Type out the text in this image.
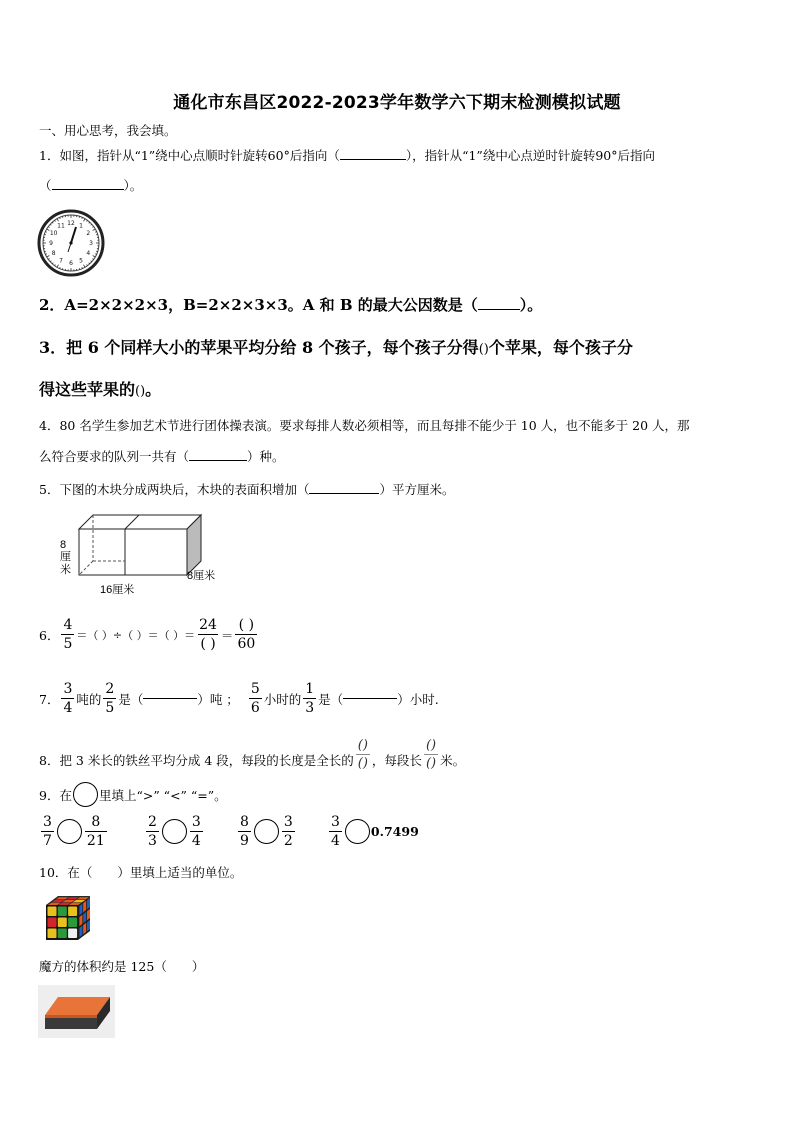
通化市东昌区2022-2023学年数学六下期末检测模拟试题
一、用心思考，我会填。
1．如图，指针从“1”绕中心点顺时针旋转60°后指向（	），指针从“1”绕中心点逆时针旋转90°后指向
（	）。
12 1
2
3
4
5
6
7
8
9
10
11
2．A=2×2×2×3，B=2×2×3×3。A 和 B 的最大公因数是（	）。
3．把 6 个同样大小的苹果平均分给 8 个孩子，每个孩子分得()个苹果，每个孩子分
得这些苹果的()。
4．80 名学生参加艺术节进行团体操表演。要求每排人数必须相等，而且每排不能少于 10 人，也不能多于 20 人，那
么符合要求的队列一共有（	）种。
5．下图的木块分成两块后，木块的表面积增加（	）平方厘米。
8
厘
米	8厘米
16厘米
6． $\frac{4}{5}$ ＝（ ）÷（ ）＝（ ）＝ $\frac{24}{( )} = \frac{( )}{60}$
7． $\frac{3}{4}$ 吨的 $\frac{2}{5}$ 是（	）吨 ； $\frac{5}{6}$ 小时的 $\frac{1}{3}$ 是（	）小时.
8．把 3 米长的铁丝平均分成 4 段，每段的长度是全长的 $\frac{()}{()}$ ，每段长 $\frac{()}{()}$ 米。
9．在 里填上“>” “<” “=”。
$\frac{3}{7} \frac{8}{21}$	$\frac{2}{3} \frac{3}{4}$	$\frac{8}{9} \frac{3}{2} \frac{3}{4} 0.7499$
10．在（　　）里填上适当的单位。
魔方的体积约是 125（　　）
